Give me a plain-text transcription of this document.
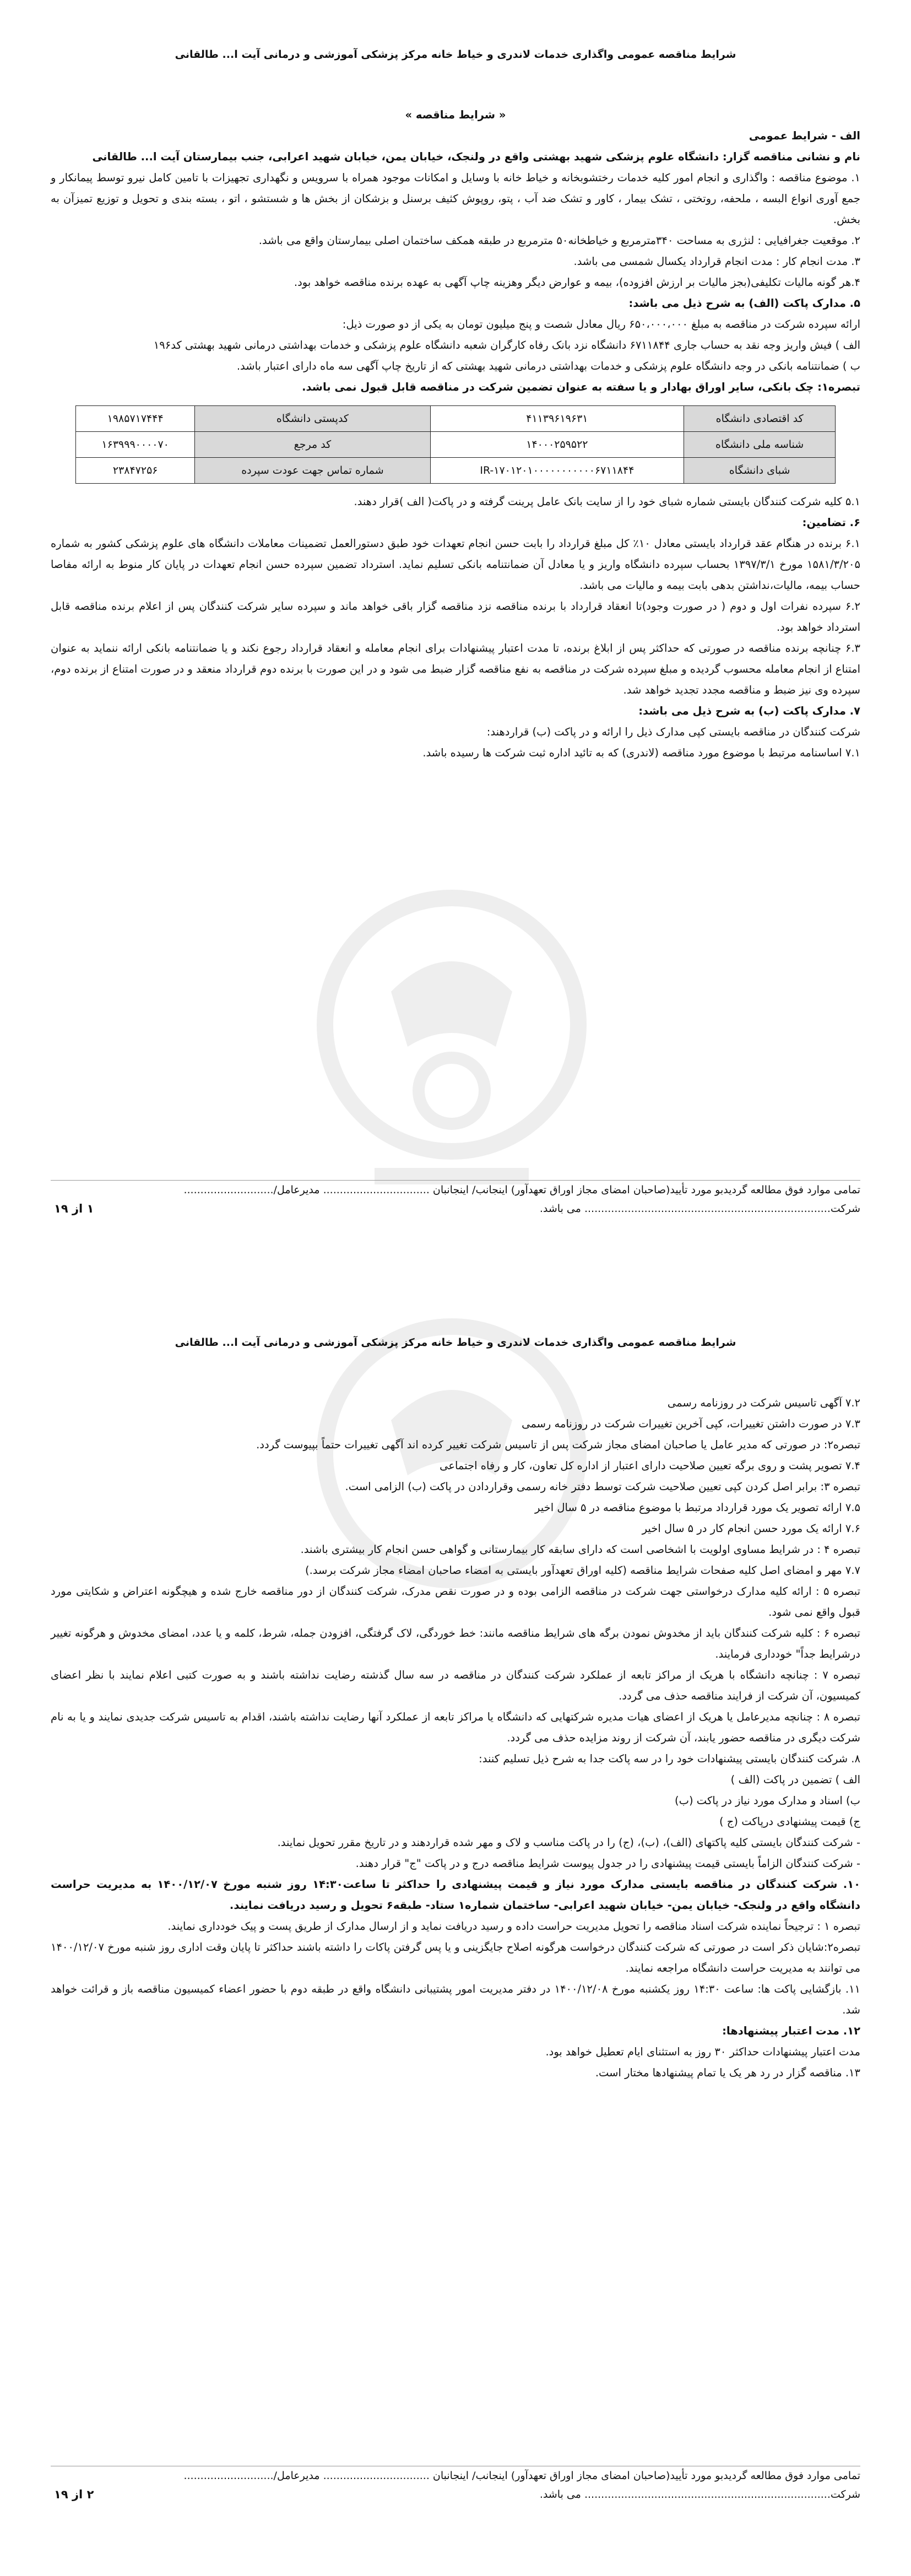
شرایط مناقصه عمومی واگذاری خدمات لاندری و خیاط خانه مرکز پزشکی آموزشی و درمانی آیت ا... طالقانی

« شرایط مناقصه »

الف - شرایط عمومی

نام و نشانی مناقصه گزار: دانشگاه علوم پزشکی شهید بهشتی واقع در ولنجک، خیابان یمن، خیابان شهید اعرابی، جنب بیمارستان آیت ا... طالقانی

۱. موضوع مناقصه : واگذاری و انجام امور کلیه خدمات رختشوبخانه و خیاط خانه با وسایل و امکانات موجود همراه با سرویس و نگهداری تجهیزات با تامین کامل نیرو توسط پیمانکار و جمع آوری انواع البسه ، ملحفه، روتختی ، تشک بیمار ، کاور و تشک ضد آب ، پتو، روپوش کثیف برسنل و بزشکان از بخش ها و شستشو ، اتو ، بسته بندی و تحویل و توزیع تمیزآن به بخش.

۲. موقعیت جغرافیایی : لنژری به مساحت ۳۴۰مترمربع و خیاطخانه۵۰ مترمربع در طبقه همکف ساختمان اصلی بیمارستان واقع می باشد.

۳. مدت انجام کار : مدت انجام قرارداد یکسال شمسی می باشد.

۴.هر گونه مالیات تکلیفی(بجز مالیات بر ارزش افزوده)، بیمه و عوارض دیگر وهزینه چاپ آگهی به عهده برنده مناقصه خواهد بود.

۵. مدارک پاکت (الف) به شرح ذیل می باشد:

ارائه سپرده شرکت در مناقصه به مبلغ ۶۵۰،۰۰۰،۰۰۰ ریال معادل شصت و پنج میلیون تومان به یکی از دو صورت ذیل:

الف ) فیش واریز وجه نقد به حساب جاری ۶۷۱۱۸۴۴ دانشگاه نزد بانک رفاه کارگران شعبه دانشگاه علوم پزشکی و خدمات بهداشتی درمانی شهید بهشتی کد۱۹۶

ب ) ضمانتنامه بانکی در وجه دانشگاه علوم پزشکی و خدمات بهداشتی درمانی شهید بهشتی که از تاریخ چاپ آگهی سه ماه دارای اعتبار باشد.

تبصره۱: چک بانکی، سایر اوراق بهادار و یا سفته به عنوان تضمین شرکت در مناقصه قابل قبول نمی باشد.

کد اقتصادی دانشگاه	۴۱۱۳۹۶۱۹۶۳۱	کدپستی دانشگاه	۱۹۸۵۷۱۷۴۴۴
شناسه ملی دانشگاه	۱۴۰۰۰۲۵۹۵۲۲	کد مرجع	۱۶۳۹۹۹۰۰۰۰۷۰
شبای دانشگاه	IR-۱۷۰۱۲۰۱۰۰۰۰۰۰۰۰۰۰۰۶۷۱۱۸۴۴	شماره تماس جهت عودت سپرده	۲۳۸۴۷۲۵۶

۵.۱ کلیه شرکت کنندگان بایستی شماره شبای خود را از سایت بانک عامل پرینت گرفته و در پاکت( الف )قرار دهند.

۶. تضامین:

۶.۱ برنده در هنگام عقد قرارداد بایستی معادل ۱۰٪ کل مبلغ قرارداد را بابت حسن انجام تعهدات خود طبق دستورالعمل تضمینات معاملات دانشگاه های علوم پزشکی کشور به شماره ۱۵۸۱/۳/۲۰۵ مورخ ۱۳۹۷/۳/۱ بحساب سپرده دانشگاه واریز و یا معادل آن ضمانتنامه بانکی تسلیم نماید. استرداد تضمین سپرده حسن انجام تعهدات در پایان کار منوط به ارائه مفاصا حساب بیمه، مالیات،نداشتن بدهی بابت بیمه و مالیات می باشد.

۶.۲ سپرده نفرات اول و دوم ( در صورت وجود)تا انعقاد قرارداد با برنده مناقصه نزد مناقصه گزار باقی خواهد ماند و سپرده سایر شرکت کنندگان پس از اعلام برنده مناقصه قابل استرداد خواهد بود.

۶.۳ چنانچه برنده مناقصه در صورتی که حداکثر پس از ابلاغ برنده، تا مدت اعتبار پیشنهادات برای انجام معامله و انعقاد قرارداد رجوع نکند و یا ضمانتنامه بانکی ارائه ننماید به عنوان امتناع از انجام معامله محسوب گردیده و مبلغ سپرده شرکت در مناقصه به نفع مناقصه گزار ضبط می شود و در این صورت با برنده دوم قرارداد منعقد و در صورت امتناع از برنده دوم، سپرده وی نیز ضبط و مناقصه مجدد تجدید خواهد شد.

۷. مدارک پاکت (ب) به شرح ذیل می باشد:

شرکت کنندگان در مناقصه بایستی کپی مدارک ذیل را ارائه و در پاکت (ب) قراردهند:

۷.۱ اساسنامه مرتبط با موضوع مورد مناقصه (لاندری) که به تائید اداره ثبت شرکت ها رسیده باشد.

تمامی موارد فوق مطالعه گردیدبو مورد تأیید(صاحبان امضای مجاز اوراق تعهدآور) اینجانب/ اینجانبان ................................ مدیرعامل/...........................

شرکت.......................................................................... می باشد.

۱ از ۱۹
شرایط مناقصه عمومی واگذاری خدمات لاندری و خیاط خانه مرکز پزشکی آموزشی و درمانی آیت ا... طالقانی

۷.۲ آگهی تاسیس شرکت در روزنامه رسمی

۷.۳ در صورت داشتن تغییرات، کپی آخرین تغییرات شرکت در روزنامه رسمی

تبصره۲: در صورتی که مدیر عامل یا صاحبان امضای مجاز شرکت پس از تاسیس شرکت تغییر کرده اند آگهی تغییرات حتماً بپیوست گردد.

۷.۴ تصویر پشت و روی برگه تعیین صلاحیت دارای اعتبار از اداره کل تعاون، کار و رفاه اجتماعی

تبصره ۳: برابر اصل کردن کپی تعیین صلاحیت شرکت توسط دفتر خانه رسمی وقراردادن در پاکت (ب) الزامی است.

۷.۵ ارائه تصویر یک مورد قرارداد مرتبط با موضوع مناقصه در ۵ سال اخیر

۷.۶ ارائه یک مورد حسن انجام کار در ۵ سال اخیر

تبصره ۴ : در شرایط مساوی اولویت با اشخاصی است که دارای سابقه کار بیمارستانی و گواهی حسن انجام کار بیشتری باشند.

۷.۷ مهر و امضای اصل کلیه صفحات شرایط مناقصه (کلیه اوراق تعهدآور بایستی به امضاء صاحبان امضاء مجاز شرکت برسد.)

تبصره ۵ : ارائه کلیه مدارک درخواستی جهت شرکت در مناقصه الزامی بوده و در صورت نقص مدرک، شرکت کنندگان از دور مناقصه خارج شده و هیچگونه اعتراض و شکایتی مورد قبول واقع نمی شود.

تبصره ۶ : کلیه شرکت کنندگان باید از مخدوش نمودن برگه های شرایط مناقصه مانند: خط خوردگی، لاک گرفتگی، افزودن جمله، شرط، کلمه و یا عدد، امضای مخدوش و هرگونه تغییر درشرایط جداً" خودداری فرمایند.

تبصره ۷ : چنانچه دانشگاه با هریک از مراکز تابعه از عملکرد شرکت کنندگان در مناقصه در سه سال گذشته رضایت نداشته باشند و به صورت کتبی اعلام نمایند با نظر اعضای کمیسیون، آن شرکت از فرایند مناقصه حذف می گردد.

تبصره ۸ : چنانچه مدیرعامل یا هریک از اعضای هیات مدیره شرکتهایی که دانشگاه یا مراکز تابعه از عملکرد آنها رضایت نداشته باشند، اقدام به تاسیس شرکت جدیدی نمایند و یا به نام شرکت دیگری در مناقصه حضور یابند، آن شرکت از روند مزایده حذف می گردد.

۸. شرکت کنندگان بایستی پیشنهادات خود را در سه پاکت جدا به شرح ذیل تسلیم کنند:

الف ) تضمین در پاکت (الف )

ب) اسناد و مدارک مورد نیاز در پاکت (ب)

ج) قیمت پیشنهادی درپاکت (ج )

- شرکت کنندگان بایستی کلیه پاکتهای (الف)، (ب)، (ج) را در پاکت مناسب و لاک و مهر شده قراردهند و در تاریخ مقرر تحویل نمایند.

- شرکت کنندگان الزاماً بایستی قیمت پیشنهادی را در جدول پیوست شرایط مناقصه درج و در پاکت "ج" قرار دهند.

۱۰. شرکت کنندگان در مناقصه بایستی مدارک مورد نیاز و قیمت پیشنهادی را حداکثر تا ساعت۱۴:۳۰ روز شنبه مورخ ۱۴۰۰/۱۲/۰۷ به مدیریت حراست دانشگاه واقع در ولنجک- خیابان یمن- خیابان شهید اعرابی- ساختمان شماره۱ ستاد- طبقه۶ تحویل و رسید دریافت نمایند.

تبصره ۱ : ترجیحاً نماینده شرکت اسناد مناقصه را تحویل مدیریت حراست داده و رسید دریافت نماید و از ارسال مدارک از طریق پست و پیک خودداری نمایند.

تبصره۲:شایان ذکر است در صورتی که شرکت کنندگان درخواست هرگونه اصلاح جایگزینی و یا پس گرفتن پاکات را داشته باشند حداکثر تا پایان وقت اداری روز شنبه مورخ ۱۴۰۰/۱۲/۰۷ می توانند به مدیریت حراست دانشگاه مراجعه نمایند.

۱۱. بازگشایی پاکت ها: ساعت ۱۴:۳۰ روز یکشنبه مورخ ۱۴۰۰/۱۲/۰۸ در دفتر مدیریت امور پشتیبانی دانشگاه واقع در طبقه دوم با حضور اعضاء کمیسیون مناقصه باز و قرائت خواهد شد.

۱۲. مدت اعتبار پیشنهادها:

مدت اعتبار پیشنهادات حداکثر ۳۰ روز به استثنای ایام تعطیل خواهد بود.

۱۳. مناقصه گزار در رد هر یک یا تمام پیشنهادها مختار است.

تمامی موارد فوق مطالعه گردیدبو مورد تأیید(صاحبان امضای مجاز اوراق تعهدآور) اینجانب/ اینجانبان ................................ مدیرعامل/...........................

شرکت.......................................................................... می باشد.

۲ از ۱۹
